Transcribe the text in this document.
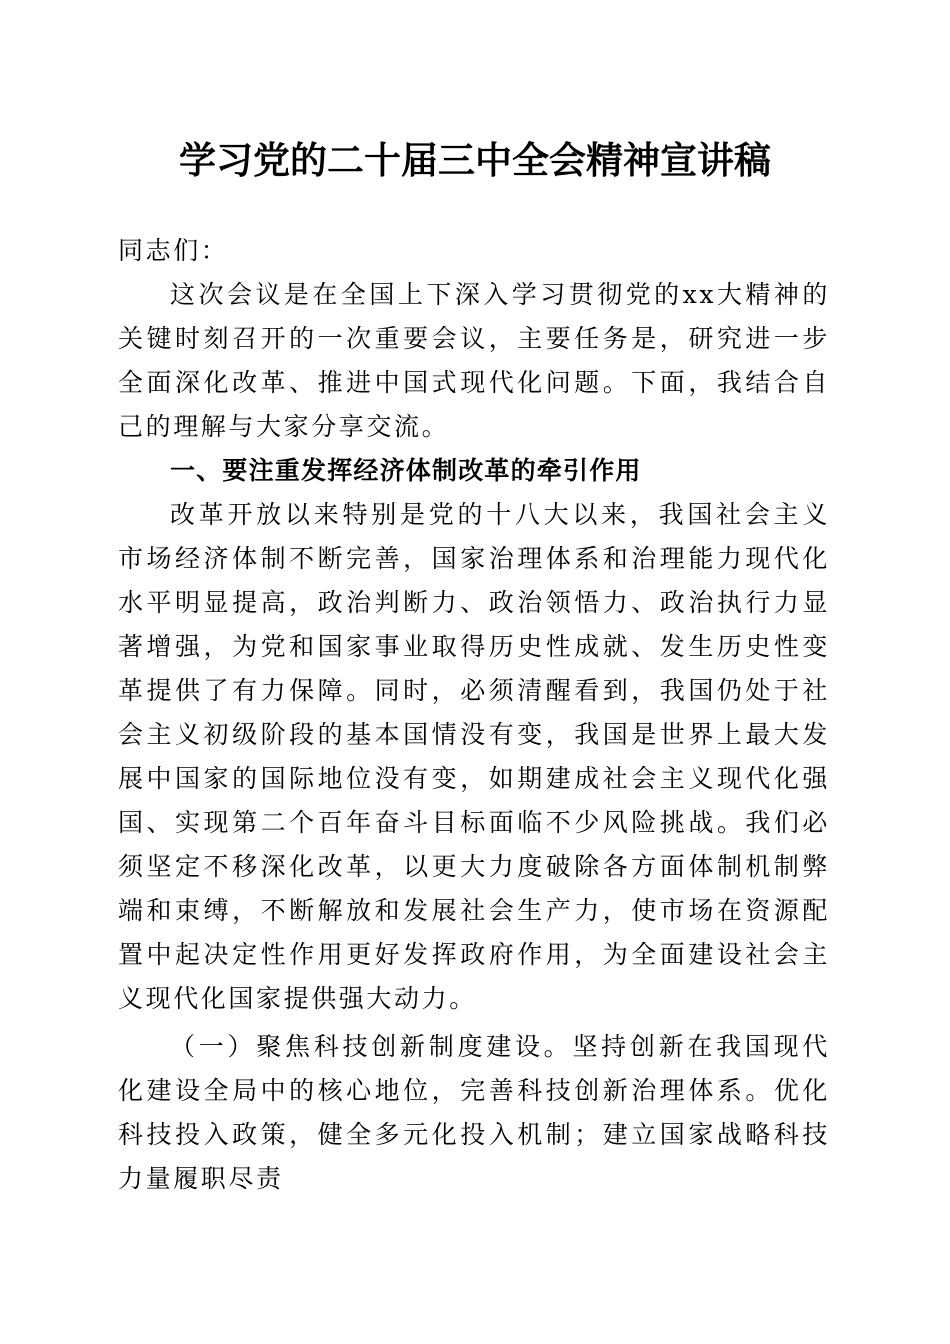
学习党的二十届三中全会精神宣讲稿

同志们：

这次会议是在全国上下深入学习贯彻党的xx大精神的关键时刻召开的一次重要会议，主要任务是，研究进一步全面深化改革、推进中国式现代化问题。下面，我结合自己的理解与大家分享交流。

一、要注重发挥经济体制改革的牵引作用

改革开放以来特别是党的十八大以来，我国社会主义市场经济体制不断完善，国家治理体系和治理能力现代化水平明显提高，政治判断力、政治领悟力、政治执行力显著增强，为党和国家事业取得历史性成就、发生历史性变革提供了有力保障。同时，必须清醒看到，我国仍处于社会主义初级阶段的基本国情没有变，我国是世界上最大发展中国家的国际地位没有变，如期建成社会主义现代化强国、实现第二个百年奋斗目标面临不少风险挑战。我们必须坚定不移深化改革，以更大力度破除各方面体制机制弊端和束缚，不断解放和发展社会生产力，使市场在资源配置中起决定性作用更好发挥政府作用，为全面建设社会主义现代化国家提供强大动力。

（一）聚焦科技创新制度建设。坚持创新在我国现代化建设全局中的核心地位，完善科技创新治理体系。优化科技投入政策，健全多元化投入机制；建立国家战略科技力量履职尽责
